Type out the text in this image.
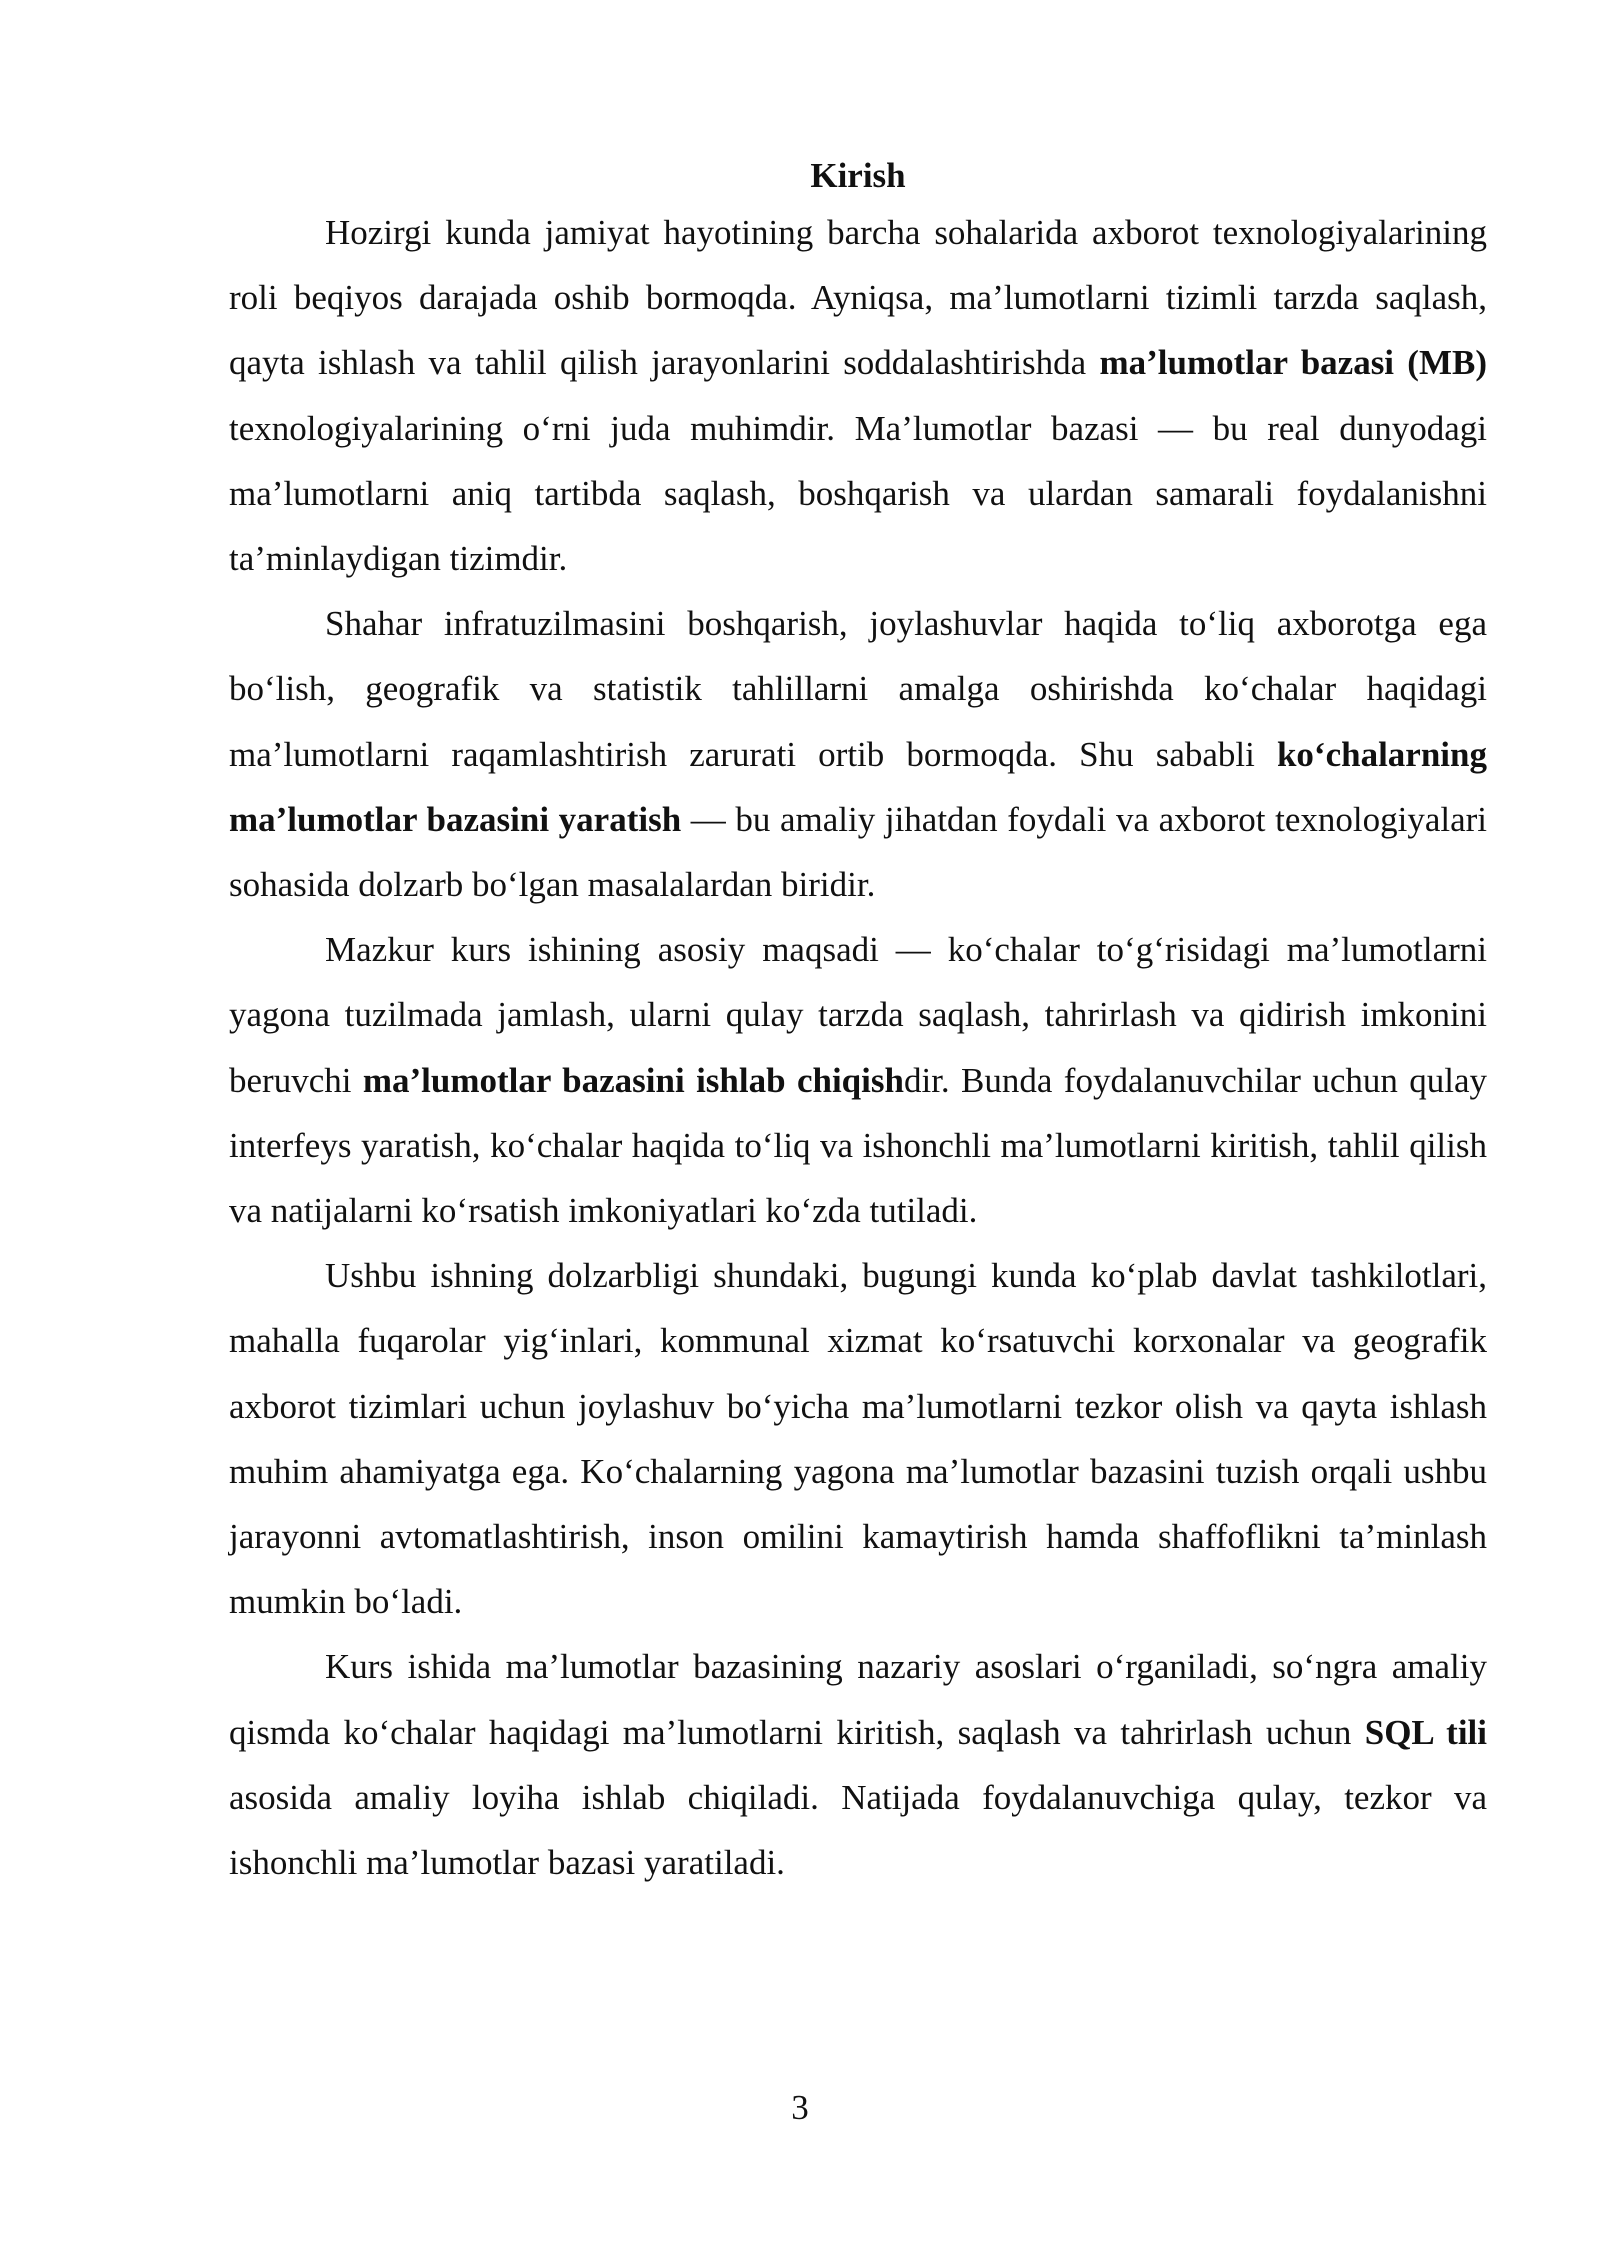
Kirish

Hozirgi kunda jamiyat hayotining barcha sohalarida axborot texnologiyalarining roli beqiyos darajada oshib bormoqda. Ayniqsa, ma’lumotlarni tizimli tarzda saqlash, qayta ishlash va tahlil qilish jarayonlarini soddalashtirishda ma’lumotlar bazasi (MB) texnologiyalarining o‘rni juda muhimdir. Ma’lumotlar bazasi — bu real dunyodagi ma’lumotlarni aniq tartibda saqlash, boshqarish va ulardan samarali foydalanishni ta’minlaydigan tizimdir.

Shahar infratuzilmasini boshqarish, joylashuvlar haqida to‘liq axborotga ega bo‘lish, geografik va statistik tahlillarni amalga oshirishda ko‘chalar haqidagi ma’lumotlarni raqamlashtirish zarurati ortib bormoqda. Shu sababli ko‘chalarning ma’lumotlar bazasini yaratish — bu amaliy jihatdan foydali va axborot texnologiyalari sohasida dolzarb bo‘lgan masalalardan biridir.

Mazkur kurs ishining asosiy maqsadi — ko‘chalar to‘g‘risidagi ma’lumotlarni yagona tuzilmada jamlash, ularni qulay tarzda saqlash, tahrirlash va qidirish imkonini beruvchi ma’lumotlar bazasini ishlab chiqishdir. Bunda foydalanuvchilar uchun qulay interfeys yaratish, ko‘chalar haqida to‘liq va ishonchli ma’lumotlarni kiritish, tahlil qilish va natijalarni ko‘rsatish imkoniyatlari ko‘zda tutiladi.

Ushbu ishning dolzarbligi shundaki, bugungi kunda ko‘plab davlat tashkilotlari, mahalla fuqarolar yig‘inlari, kommunal xizmat ko‘rsatuvchi korxonalar va geografik axborot tizimlari uchun joylashuv bo‘yicha ma’lumotlarni tezkor olish va qayta ishlash muhim ahamiyatga ega. Ko‘chalarning yagona ma’lumotlar bazasini tuzish orqali ushbu jarayonni avtomatlashtirish, inson omilini kamaytirish hamda shaffoflikni ta’minlash mumkin bo‘ladi.

Kurs ishida ma’lumotlar bazasining nazariy asoslari o‘rganiladi, so‘ngra amaliy qismda ko‘chalar haqidagi ma’lumotlarni kiritish, saqlash va tahrirlash uchun SQL tili asosida amaliy loyiha ishlab chiqiladi. Natijada foydalanuvchiga qulay, tezkor va ishonchli ma’lumotlar bazasi yaratiladi.

3
